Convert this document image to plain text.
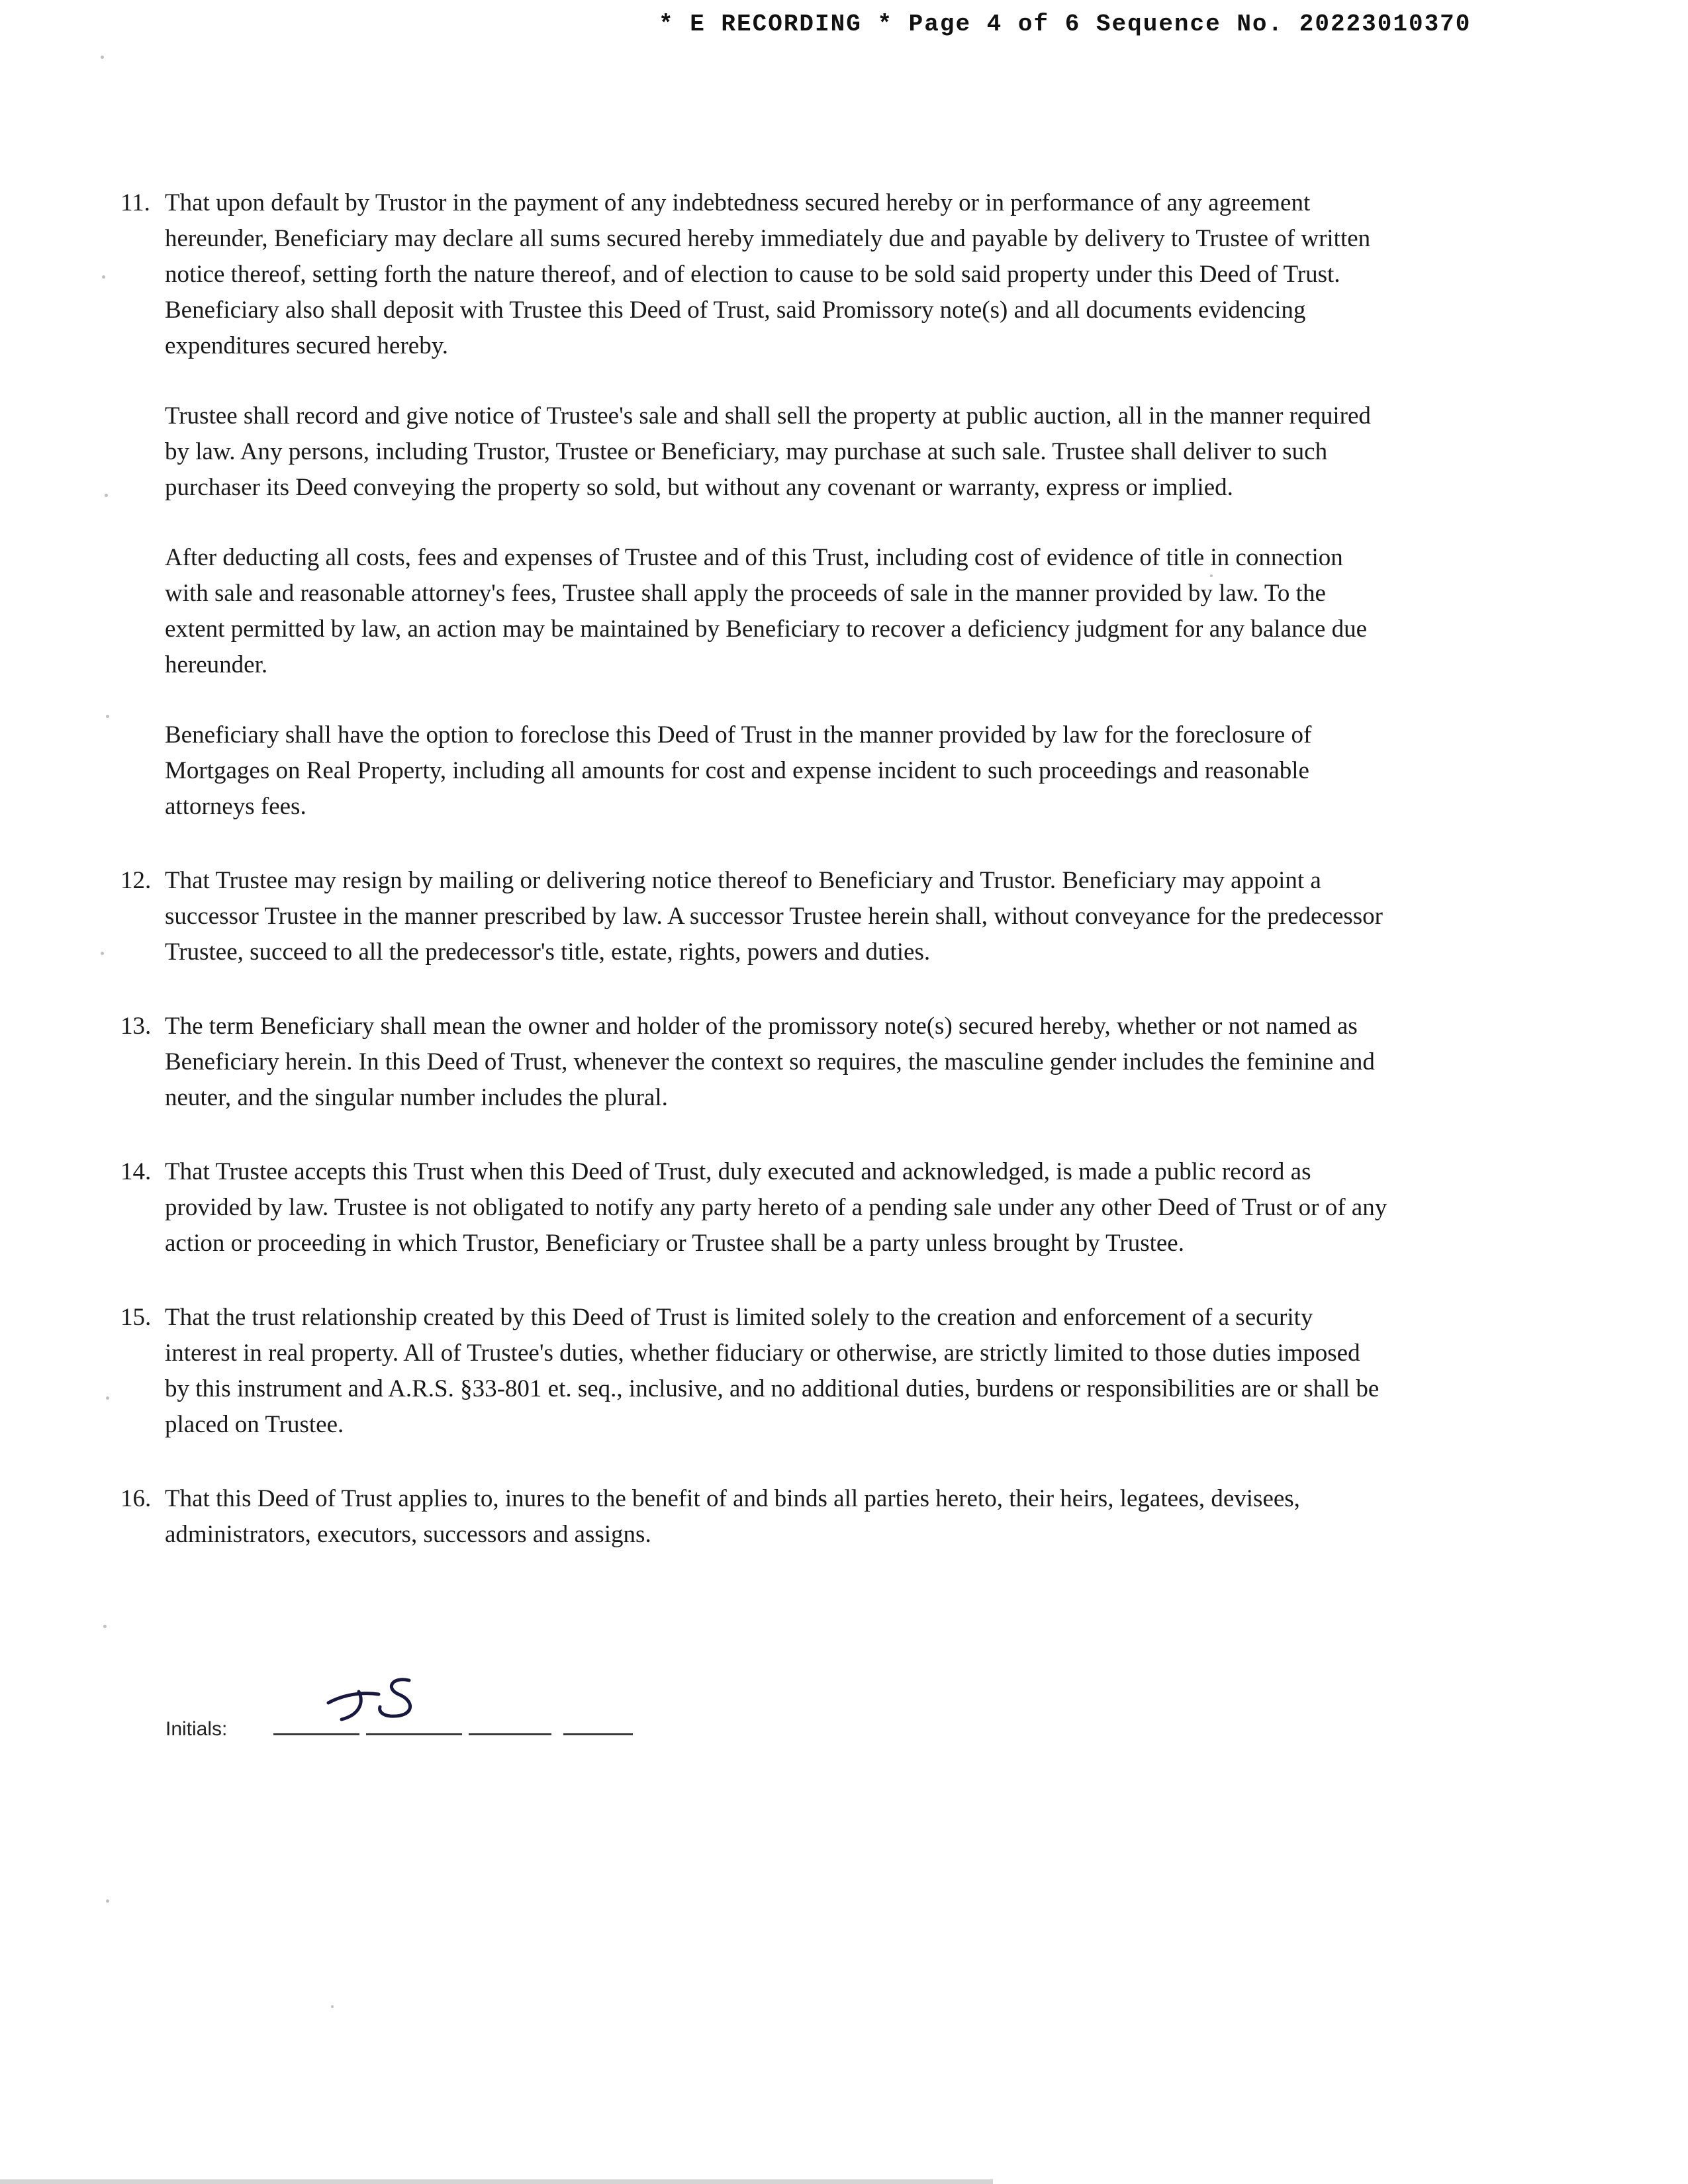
* E RECORDING * Page 4 of 6 Sequence No. 20223010370
11. That upon default by Trustor in the payment of any indebtedness secured hereby or in performance of any agreement hereunder, Beneficiary may declare all sums secured hereby immediately due and payable by delivery to Trustee of written notice thereof, setting forth the nature thereof, and of election to cause to be sold said property under this Deed of Trust. Beneficiary also shall deposit with Trustee this Deed of Trust, said Promissory note(s) and all documents evidencing expenditures secured hereby.

Trustee shall record and give notice of Trustee's sale and shall sell the property at public auction, all in the manner required by law. Any persons, including Trustor, Trustee or Beneficiary, may purchase at such sale. Trustee shall deliver to such purchaser its Deed conveying the property so sold, but without any covenant or warranty, express or implied.

After deducting all costs, fees and expenses of Trustee and of this Trust, including cost of evidence of title in connection with sale and reasonable attorney's fees, Trustee shall apply the proceeds of sale in the manner provided by law. To the extent permitted by law, an action may be maintained by Beneficiary to recover a deficiency judgment for any balance due hereunder.

Beneficiary shall have the option to foreclose this Deed of Trust in the manner provided by law for the foreclosure of Mortgages on Real Property, including all amounts for cost and expense incident to such proceedings and reasonable attorneys fees.

12. That Trustee may resign by mailing or delivering notice thereof to Beneficiary and Trustor. Beneficiary may appoint a successor Trustee in the manner prescribed by law. A successor Trustee herein shall, without conveyance for the predecessor Trustee, succeed to all the predecessor's title, estate, rights, powers and duties.

13. The term Beneficiary shall mean the owner and holder of the promissory note(s) secured hereby, whether or not named as Beneficiary herein. In this Deed of Trust, whenever the context so requires, the masculine gender includes the feminine and neuter, and the singular number includes the plural.

14. That Trustee accepts this Trust when this Deed of Trust, duly executed and acknowledged, is made a public record as provided by law. Trustee is not obligated to notify any party hereto of a pending sale under any other Deed of Trust or of any action or proceeding in which Trustor, Beneficiary or Trustee shall be a party unless brought by Trustee.

15. That the trust relationship created by this Deed of Trust is limited solely to the creation and enforcement of a security interest in real property. All of Trustee's duties, whether fiduciary or otherwise, are strictly limited to those duties imposed by this instrument and A.R.S. §33-801 et. seq., inclusive, and no additional duties, burdens or responsibilities are or shall be placed on Trustee.

16. That this Deed of Trust applies to, inures to the benefit of and binds all parties hereto, their heirs, legatees, devisees, administrators, executors, successors and assigns.

Initials:
